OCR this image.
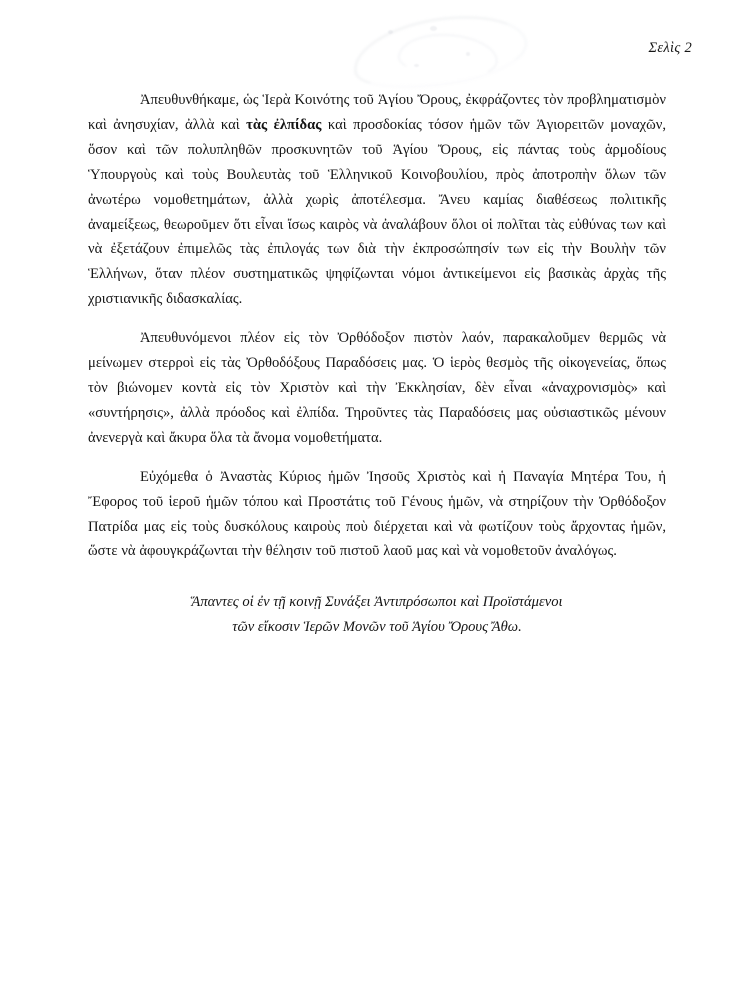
Σελὶς 2

Ἀπευθυνθήκαμε, ὡς Ἱερὰ Κοινότης τοῦ Ἁγίου Ὄρους, ἐκφράζοντες τὸν προβληματισμὸν καὶ ἀνησυχίαν, ἀλλὰ καὶ τὰς ἐλπίδας καὶ προσδοκίας τόσον ἡμῶν τῶν Ἁγιορειτῶν μοναχῶν, ὅσον καὶ τῶν πολυπληθῶν προσκυνητῶν τοῦ Ἁγίου Ὄρους, εἰς πάντας τοὺς ἁρμοδίους Ὑπουργοὺς καὶ τοὺς Βουλευτὰς τοῦ Ἑλληνικοῦ Κοινοβουλίου, πρὸς ἀποτροπὴν ὅλων τῶν ἀνωτέρω νομοθετημάτων, ἀλλὰ χωρὶς ἀποτέλεσμα. Ἄνευ καμίας διαθέσεως πολιτικῆς ἀναμείξεως, θεωροῦμεν ὅτι εἶναι ἴσως καιρὸς νὰ ἀναλάβουν ὅλοι οἱ πολῖται τὰς εὐθύνας των καὶ νὰ ἐξετάζουν ἐπιμελῶς τὰς ἐπιλογάς των διὰ τὴν ἐκπροσώπησίν των εἰς τὴν Βουλὴν τῶν Ἑλλήνων, ὅταν πλέον συστηματικῶς ψηφίζωνται νόμοι ἀντικείμενοι εἰς βασικὰς ἀρχὰς τῆς χριστιανικῆς διδασκαλίας.

Ἀπευθυνόμενοι πλέον εἰς τὸν Ὀρθόδοξον πιστὸν λαόν, παρακαλοῦμεν θερμῶς νὰ μείνωμεν στερροὶ εἰς τὰς Ὀρθοδόξους Παραδόσεις μας. Ὁ ἱερὸς θεσμὸς τῆς οἰκογενείας, ὅπως τὸν βιώνομεν κοντὰ εἰς τὸν Χριστὸν καὶ τὴν Ἐκκλησίαν, δὲν εἶναι «ἀναχρονισμὸς» καὶ «συντήρησις», ἀλλὰ πρόοδος καὶ ἐλπίδα. Τηροῦντες τὰς Παραδόσεις μας οὐσιαστικῶς μένουν ἀνενεργὰ καὶ ἄκυρα ὅλα τὰ ἄνομα νομοθετήματα.

Εὐχόμεθα ὁ Ἀναστὰς Κύριος ἡμῶν Ἰησοῦς Χριστὸς καὶ ἡ Παναγία Μητέρα Του, ἡ Ἔφορος τοῦ ἱεροῦ ἡμῶν τόπου καὶ Προστάτις τοῦ Γένους ἡμῶν, νὰ στηρίζουν τὴν Ὀρθόδοξον Πατρίδα μας εἰς τοὺς δυσκόλους καιροὺς ποὺ διέρχεται καὶ νὰ φωτίζουν τοὺς ἄρχοντας ἡμῶν, ὥστε νὰ ἀφουγκράζωνται τὴν θέλησιν τοῦ πιστοῦ λαοῦ μας καὶ νὰ νομοθετοῦν ἀναλόγως.

Ἅπαντες οἱ ἐν τῇ κοινῇ Συνάξει Ἀντιπρόσωποι καὶ Προϊστάμενοι
τῶν εἴκοσιν Ἱερῶν Μονῶν τοῦ Ἁγίου Ὄρους Ἄθω.
